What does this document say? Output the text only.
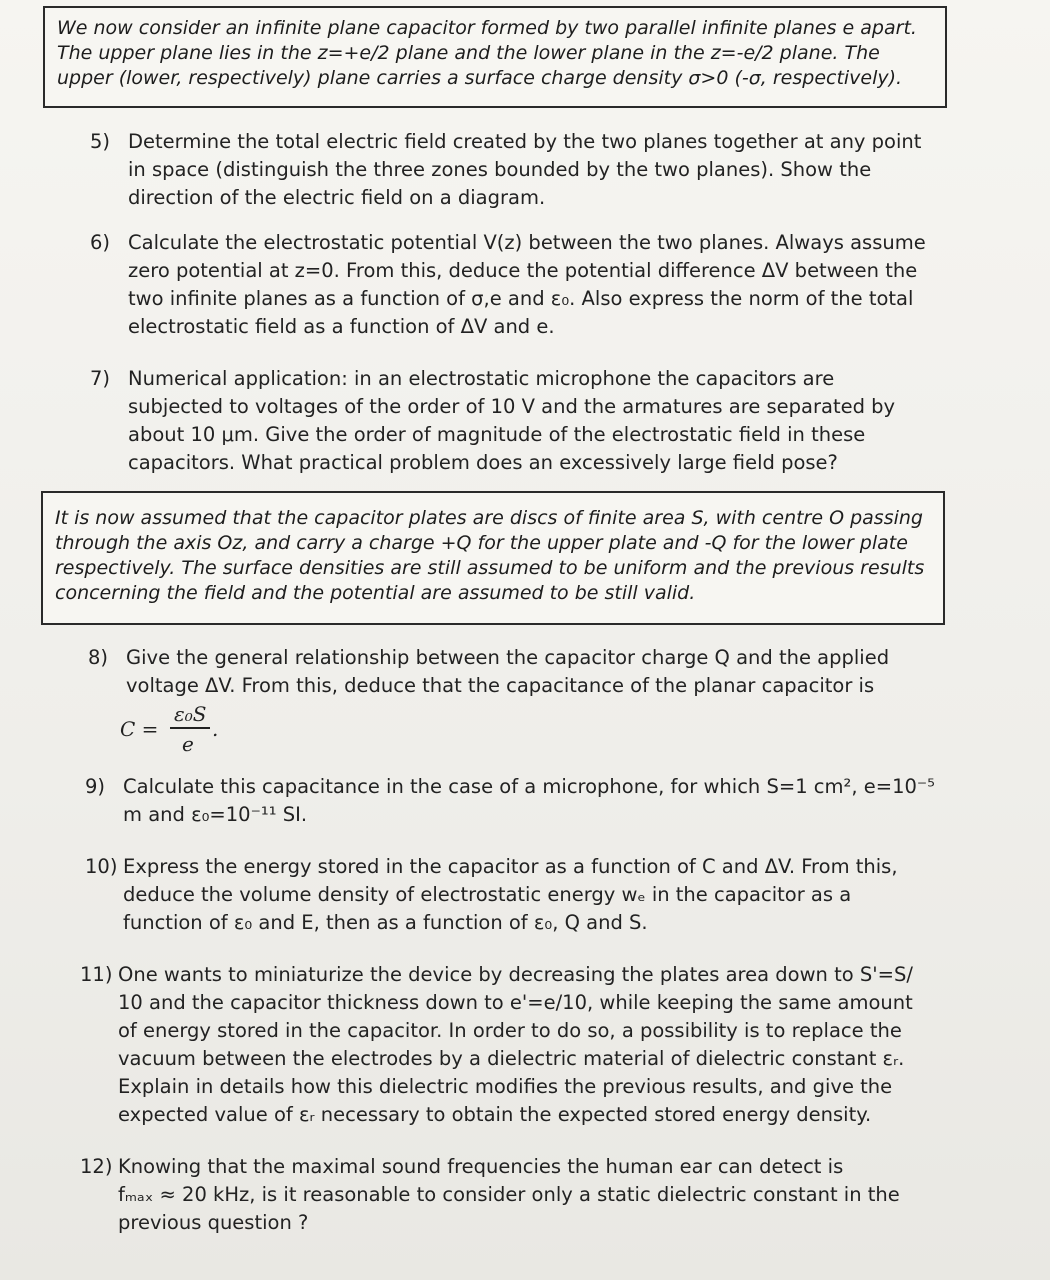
We now consider an infinite plane capacitor formed by two parallel infinite planes e apart.
The upper plane lies in the z=+e/2 plane and the lower plane in the z=-e/2 plane. The
upper (lower, respectively) plane carries a surface charge density σ>0 (-σ, respectively).
5) Determine the total electric field created by the two planes together at any point
in space (distinguish the three zones bounded by the two planes). Show the
direction of the electric field on a diagram.
6) Calculate the electrostatic potential V(z) between the two planes. Always assume
zero potential at z=0. From this, deduce the potential difference ΔV between the
two infinite planes as a function of σ,e and ε₀. Also express the norm of the total
electrostatic field as a function of ΔV and e.
7) Numerical application: in an electrostatic microphone the capacitors are
subjected to voltages of the order of 10 V and the armatures are separated by
about 10 μm. Give the order of magnitude of the electrostatic field in these
capacitors. What practical problem does an excessively large field pose?
It is now assumed that the capacitor plates are discs of finite area S, with centre O passing
through the axis Oz, and carry a charge +Q for the upper plate and -Q for the lower plate
respectively. The surface densities are still assumed to be uniform and the previous results
concerning the field and the potential are assumed to be still valid.
8) Give the general relationship between the capacitor charge Q and the applied
voltage ΔV. From this, deduce that the capacitance of the planar capacitor is
C =
ε₀S
e
.
9) Calculate this capacitance in the case of a microphone, for which S=1 cm², e=10⁻⁵
m and ε₀=10⁻¹¹ SI.
10) Express the energy stored in the capacitor as a function of C and ΔV. From this,
deduce the volume density of electrostatic energy wₑ in the capacitor as a
function of ε₀ and E, then as a function of ε₀, Q and S.
11) One wants to miniaturize the device by decreasing the plates area down to S'=S/
10 and the capacitor thickness down to e'=e/10, while keeping the same amount
of energy stored in the capacitor. In order to do so, a possibility is to replace the
vacuum between the electrodes by a dielectric material of dielectric constant εᵣ.
Explain in details how this dielectric modifies the previous results, and give the
expected value of εᵣ necessary to obtain the expected stored energy density.
12) Knowing that the maximal sound frequencies the human ear can detect is
fₘₐₓ ≈ 20 kHz, is it reasonable to consider only a static dielectric constant in the
previous question ?
